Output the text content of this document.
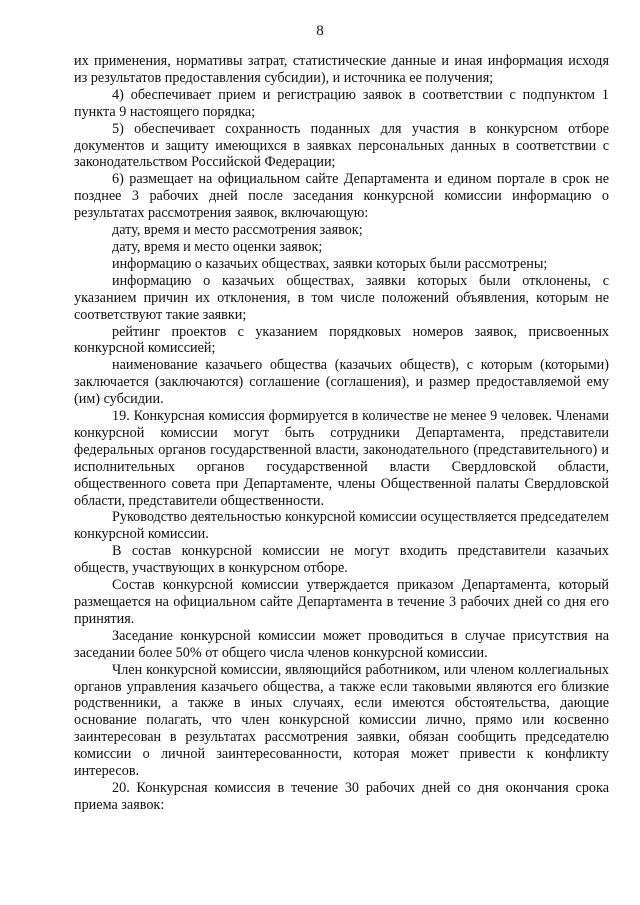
8

их применения, нормативы затрат, статистические данные и иная информация исходя из результатов предоставления субсидии), и источника ее получения;

4) обеспечивает прием и регистрацию заявок в соответствии с подпунктом 1 пункта 9 настоящего порядка;

5) обеспечивает сохранность поданных для участия в конкурсном отборе документов и защиту имеющихся в заявках персональных данных в соответствии с законодательством Российской Федерации;

6) размещает на официальном сайте Департамента и едином портале в срок не позднее 3 рабочих дней после заседания конкурсной комиссии информацию о результатах рассмотрения заявок, включающую:

дату, время и место рассмотрения заявок;

дату, время и место оценки заявок;

информацию о казачьих обществах, заявки которых были рассмотрены;

информацию о казачьих обществах, заявки которых были отклонены, с указанием причин их отклонения, в том числе положений объявления, которым не соответствуют такие заявки;

рейтинг проектов с указанием порядковых номеров заявок, присвоенных конкурсной комиссией;

наименование казачьего общества (казачьих обществ), с которым (которыми) заключается (заключаются) соглашение (соглашения), и размер предоставляемой ему (им) субсидии.

19. Конкурсная комиссия формируется в количестве не менее 9 человек. Членами конкурсной комиссии могут быть сотрудники Департамента, представители федеральных органов государственной власти, законодательного (представительного) и исполнительных органов государственной власти Свердловской области, общественного совета при Департаменте, члены Общественной палаты Свердловской области, представители общественности.

Руководство деятельностью конкурсной комиссии осуществляется председателем конкурсной комиссии.

В состав конкурсной комиссии не могут входить представители казачьих обществ, участвующих в конкурсном отборе.

Состав конкурсной комиссии утверждается приказом Департамента, который размещается на официальном сайте Департамента в течение 3 рабочих дней со дня его принятия.

Заседание конкурсной комиссии может проводиться в случае присутствия на заседании более 50% от общего числа членов конкурсной комиссии.

Член конкурсной комиссии, являющийся работником, или членом коллегиальных органов управления казачьего общества, а также если таковыми являются его близкие родственники, а также в иных случаях, если имеются обстоятельства, дающие основание полагать, что член конкурсной комиссии лично, прямо или косвенно заинтересован в результатах рассмотрения заявки, обязан сообщить председателю комиссии о личной заинтересованности, которая может привести к конфликту интересов.

20. Конкурсная комиссия в течение 30 рабочих дней со дня окончания срока приема заявок:
